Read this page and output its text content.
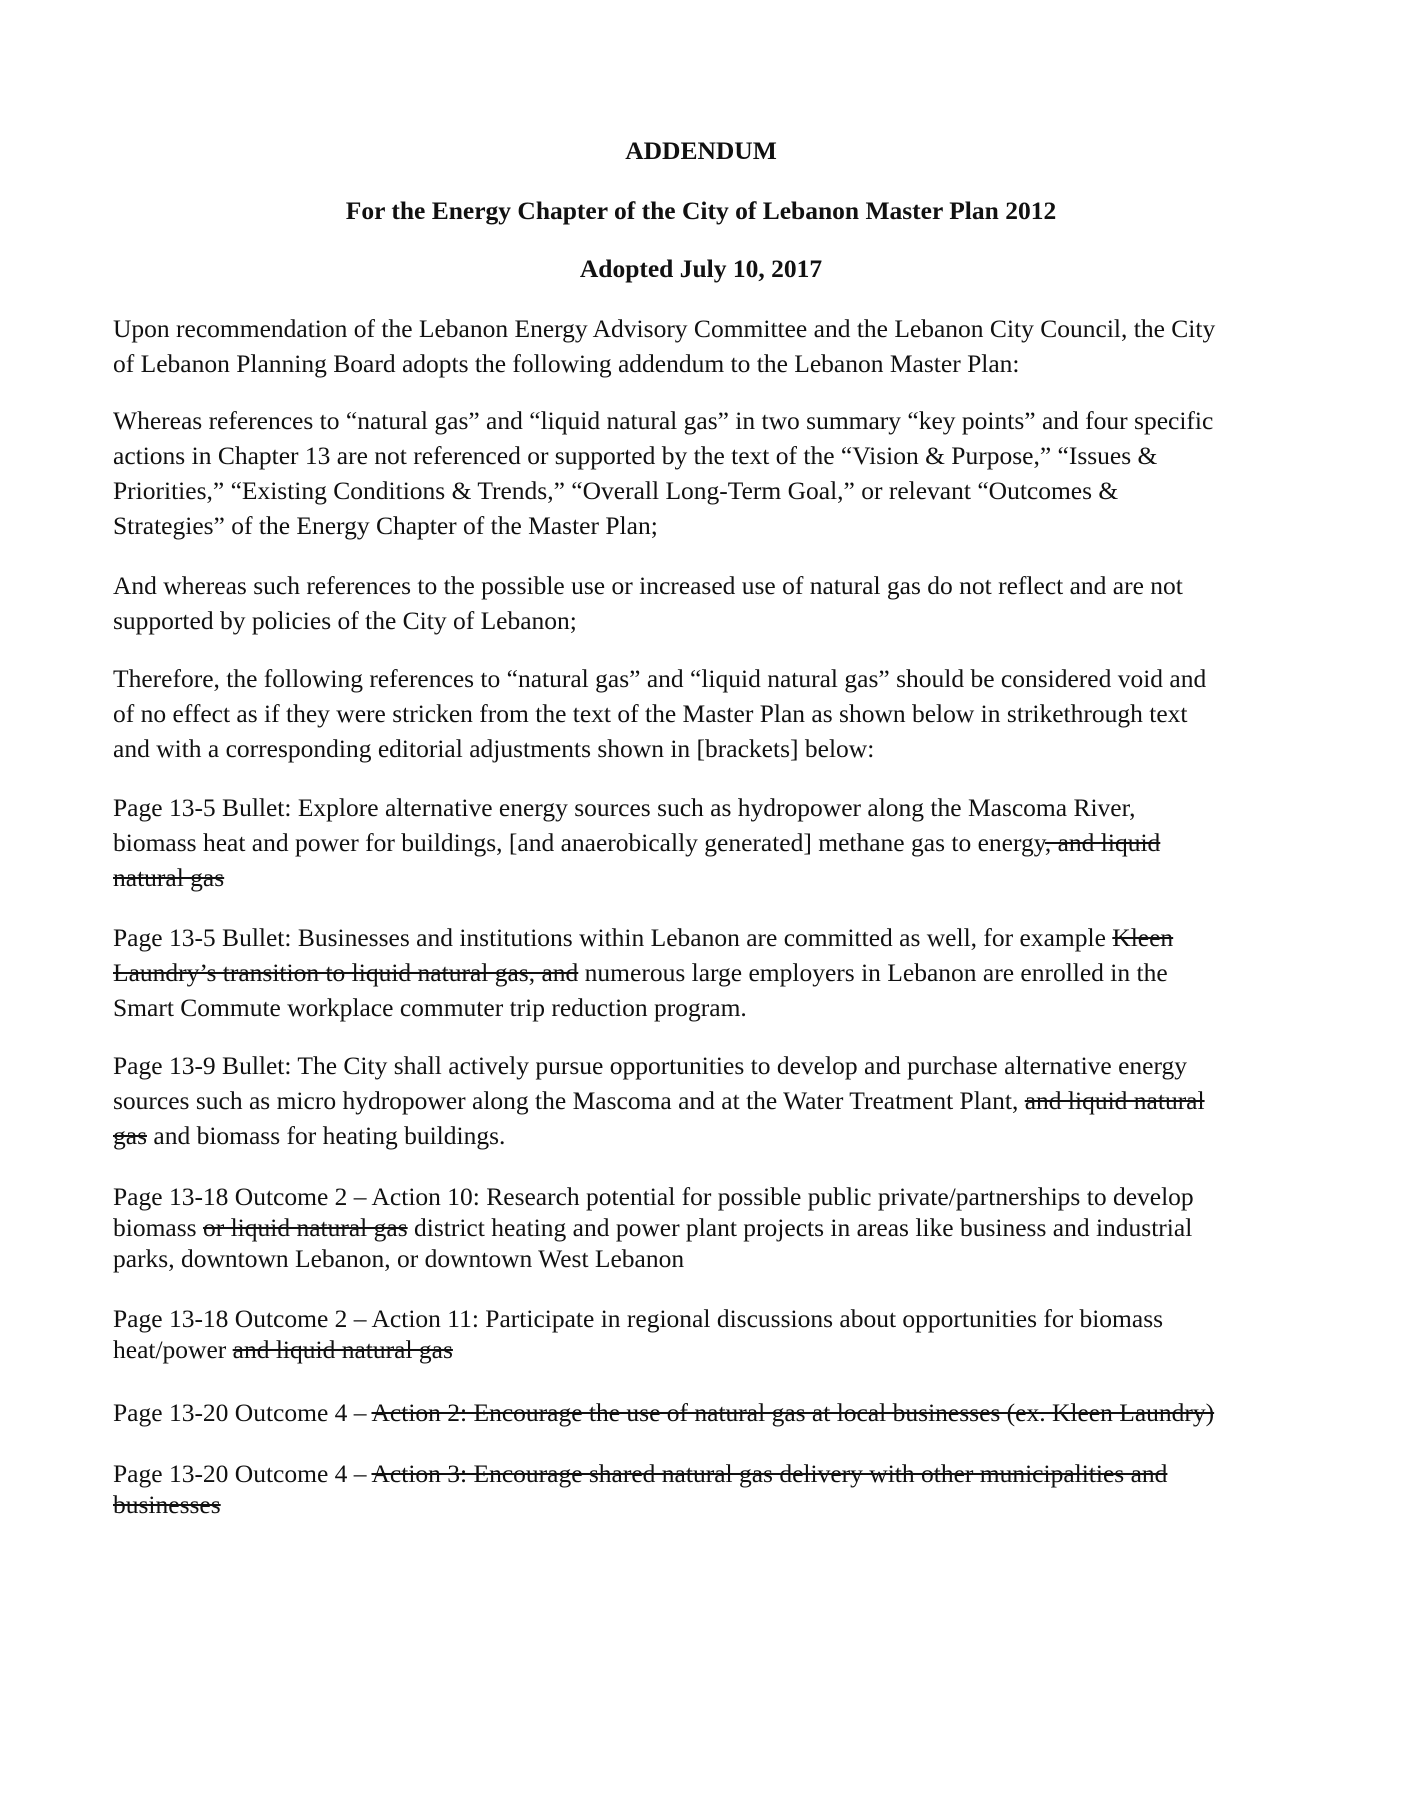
ADDENDUM
For the Energy Chapter of the City of Lebanon Master Plan 2012
Adopted July 10, 2017
Upon recommendation of the Lebanon Energy Advisory Committee and the Lebanon City Council, the City
of Lebanon Planning Board adopts the following addendum to the Lebanon Master Plan:
Whereas references to “natural gas” and “liquid natural gas” in two summary “key points” and four specific
actions in Chapter 13 are not referenced or supported by the text of the “Vision & Purpose,” “Issues &
Priorities,” “Existing Conditions & Trends,” “Overall Long-Term Goal,” or relevant “Outcomes &
Strategies” of the Energy Chapter of the Master Plan;
And whereas such references to the possible use or increased use of natural gas do not reflect and are not
supported by policies of the City of Lebanon;
Therefore, the following references to “natural gas” and “liquid natural gas” should be considered void and
of no effect as if they were stricken from the text of the Master Plan as shown below in strikethrough text
and with a corresponding editorial adjustments shown in [brackets] below:
Page 13-5 Bullet: Explore alternative energy sources such as hydropower along the Mascoma River,
biomass heat and power for buildings, [and anaerobically generated] methane gas to energy, and liquid
natural gas
Page 13-5 Bullet: Businesses and institutions within Lebanon are committed as well, for example Kleen
Laundry’s transition to liquid natural gas, and numerous large employers in Lebanon are enrolled in the
Smart Commute workplace commuter trip reduction program.
Page 13-9 Bullet: The City shall actively pursue opportunities to develop and purchase alternative energy
sources such as micro hydropower along the Mascoma and at the Water Treatment Plant, and liquid natural
gas and biomass for heating buildings.
Page 13-18 Outcome 2 – Action 10: Research potential for possible public private/partnerships to develop
biomass or liquid natural gas district heating and power plant projects in areas like business and industrial
parks, downtown Lebanon, or downtown West Lebanon
Page 13-18 Outcome 2 – Action 11: Participate in regional discussions about opportunities for biomass
heat/power and liquid natural gas
Page 13-20 Outcome 4 – Action 2: Encourage the use of natural gas at local businesses (ex. Kleen Laundry)
Page 13-20 Outcome 4 – Action 3: Encourage shared natural gas delivery with other municipalities and
businesses
